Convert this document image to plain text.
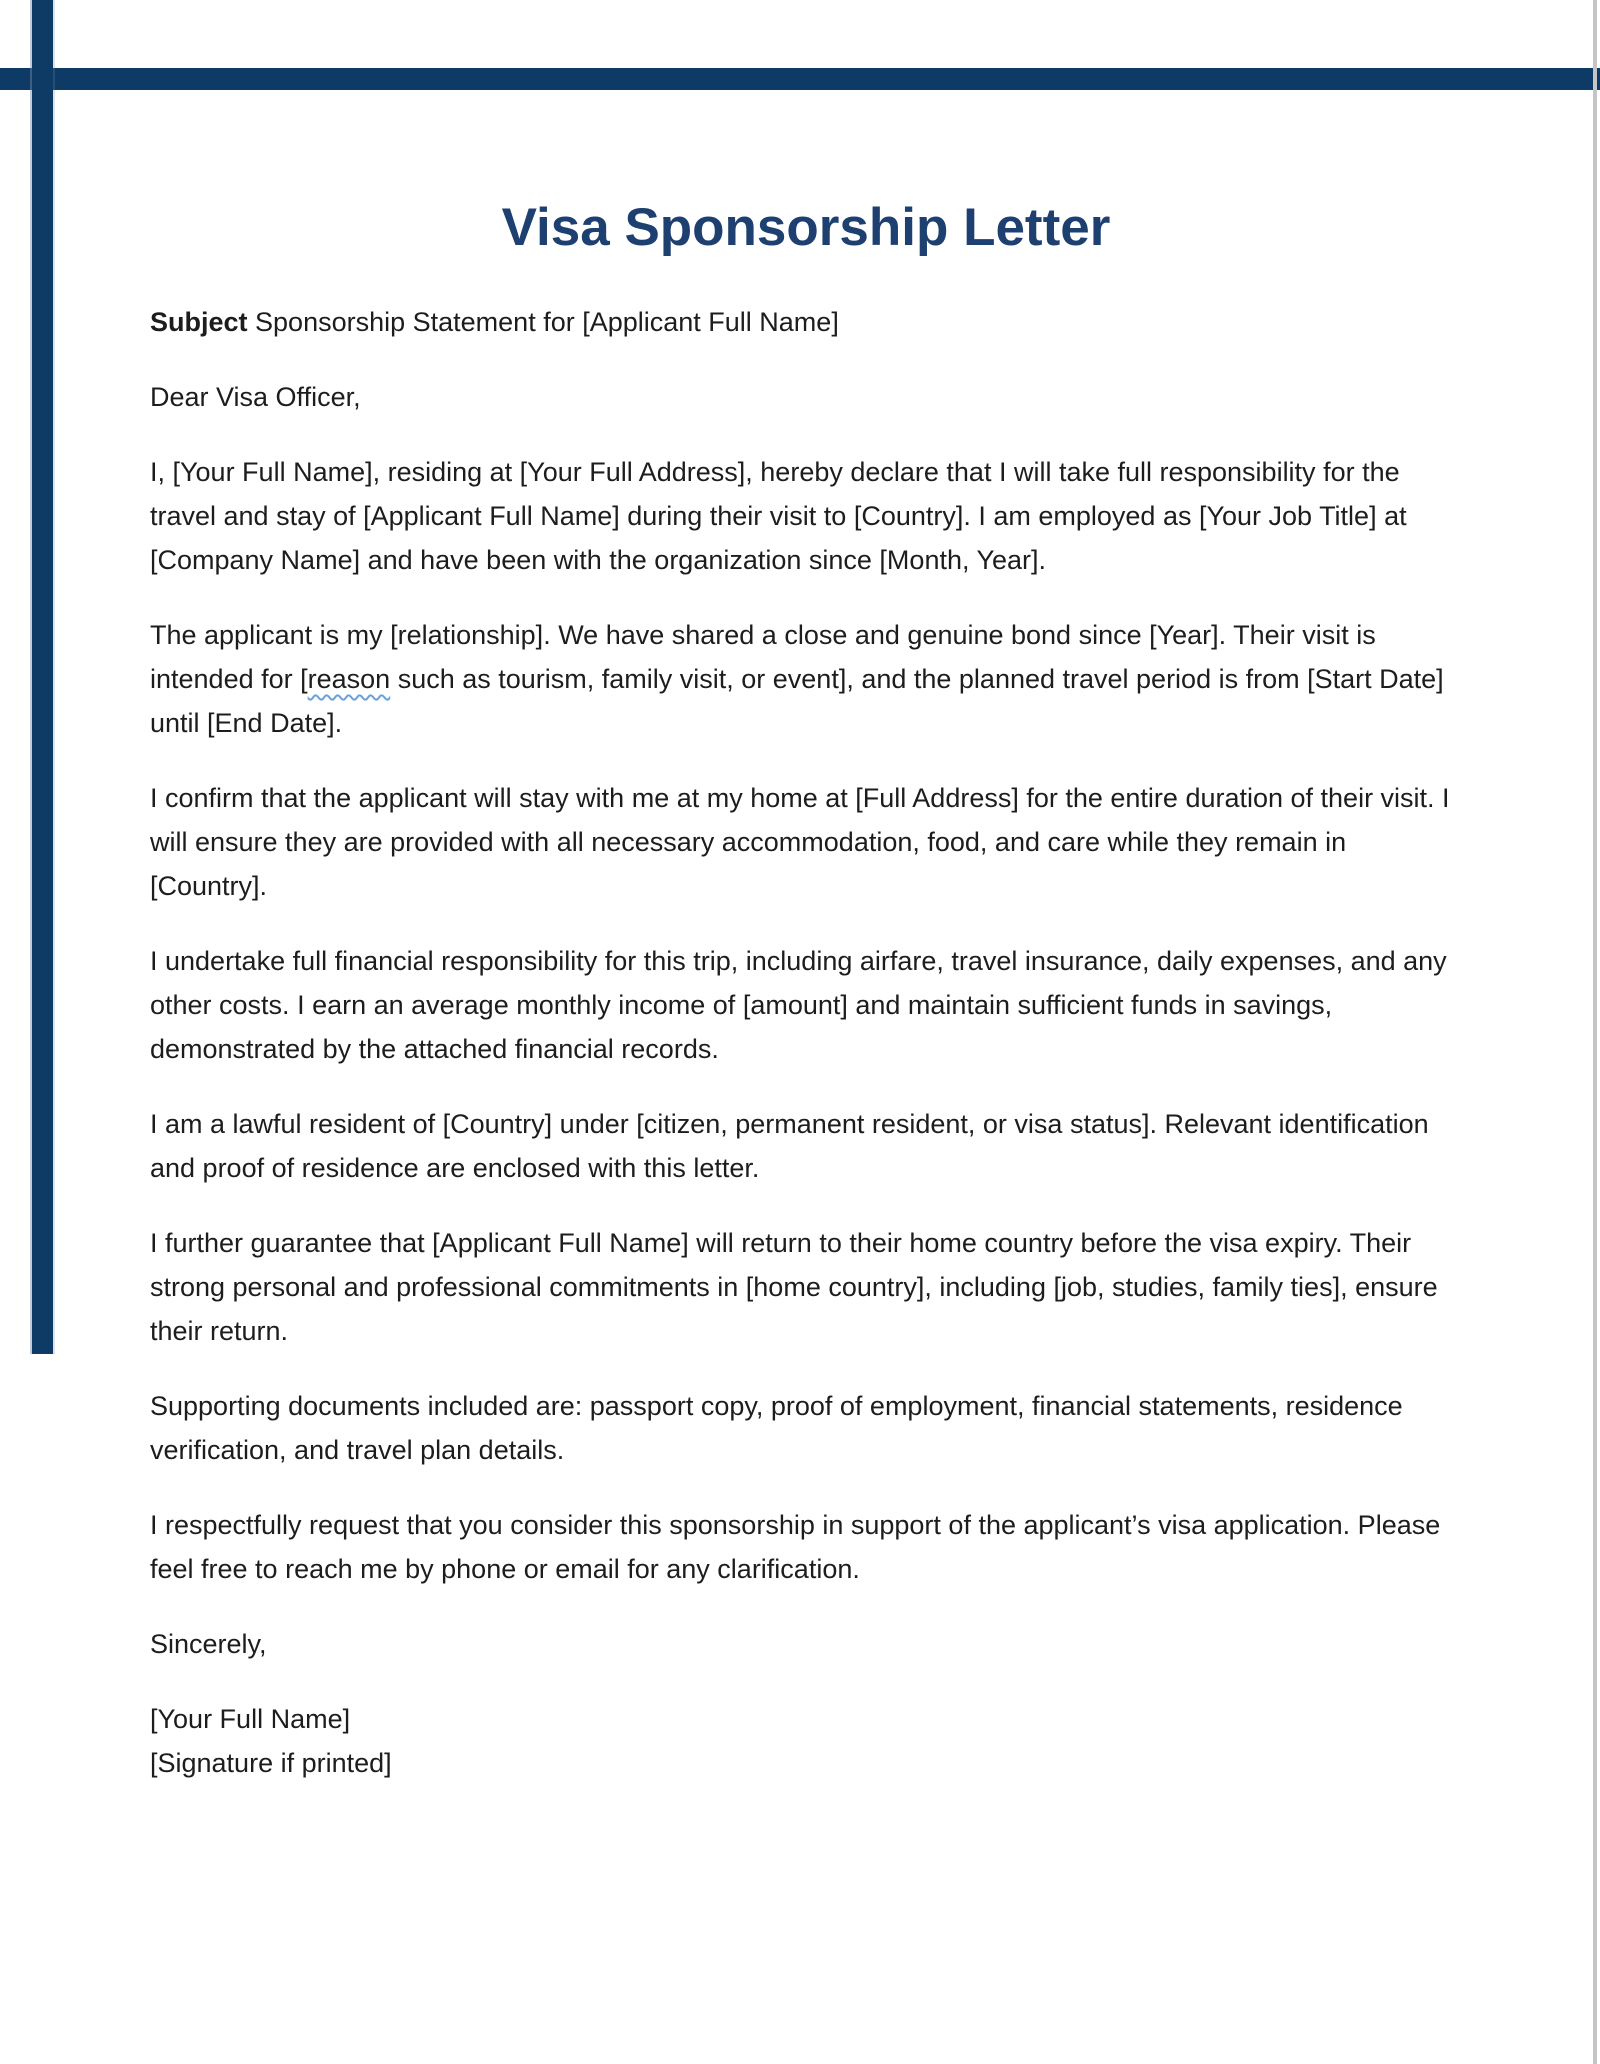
Visa Sponsorship Letter

Subject Sponsorship Statement for [Applicant Full Name]

Dear Visa Officer,

I, [Your Full Name], residing at [Your Full Address], hereby declare that I will take full responsibility for the travel and stay of [Applicant Full Name] during their visit to [Country]. I am employed as [Your Job Title] at [Company Name] and have been with the organization since [Month, Year].

The applicant is my [relationship]. We have shared a close and genuine bond since [Year]. Their visit is intended for [reason such as tourism, family visit, or event], and the planned travel period is from [Start Date] until [End Date].

I confirm that the applicant will stay with me at my home at [Full Address] for the entire duration of their visit. I will ensure they are provided with all necessary accommodation, food, and care while they remain in [Country].

I undertake full financial responsibility for this trip, including airfare, travel insurance, daily expenses, and any other costs. I earn an average monthly income of [amount] and maintain sufficient funds in savings, demonstrated by the attached financial records.

I am a lawful resident of [Country] under [citizen, permanent resident, or visa status]. Relevant identification and proof of residence are enclosed with this letter.

I further guarantee that [Applicant Full Name] will return to their home country before the visa expiry. Their strong personal and professional commitments in [home country], including [job, studies, family ties], ensure their return.

Supporting documents included are: passport copy, proof of employment, financial statements, residence verification, and travel plan details.

I respectfully request that you consider this sponsorship in support of the applicant’s visa application. Please feel free to reach me by phone or email for any clarification.

Sincerely,

[Your Full Name]
[Signature if printed]
